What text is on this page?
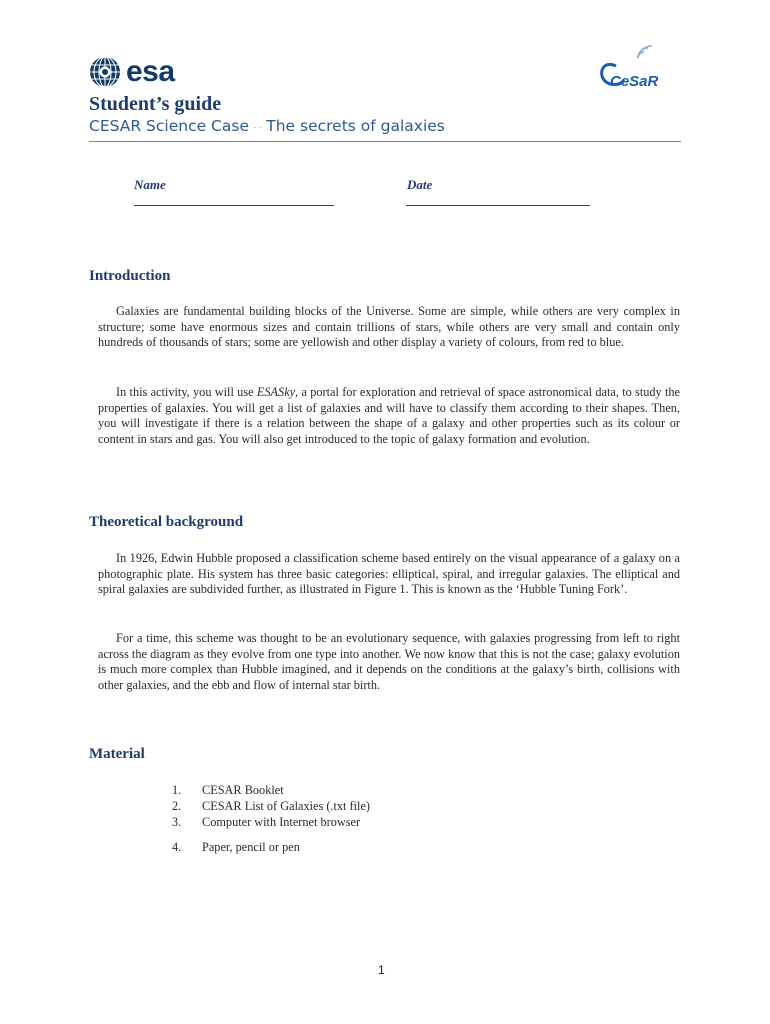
esa	CeSaR
Student’s guide
CESAR Science Case – – The secrets of galaxies
Name	Date
Introduction

Galaxies are fundamental building blocks of the Universe. Some are simple, while others are very complex in structure; some have enormous sizes and contain trillions of stars, while others are very small and contain only hundreds of thousands of stars; some are yellowish and other display a variety of colours, from red to blue.

In this activity, you will use ESASky, a portal for exploration and retrieval of space astronomical data, to study the properties of galaxies. You will get a list of galaxies and will have to classify them according to their shapes. Then, you will investigate if there is a relation between the shape of a galaxy and other properties such as its colour or content in stars and gas. You will also get introduced to the topic of galaxy formation and evolution.

Theoretical background

In 1926, Edwin Hubble proposed a classification scheme based entirely on the visual appearance of a galaxy on a photographic plate. His system has three basic categories: elliptical, spiral, and irregular galaxies. The elliptical and spiral galaxies are subdivided further, as illustrated in Figure 1. This is known as the ‘Hubble Tuning Fork’.

For a time, this scheme was thought to be an evolutionary sequence, with galaxies progressing from left to right across the diagram as they evolve from one type into another. We now know that this is not the case; galaxy evolution is much more complex than Hubble imagined, and it depends on the conditions at the galaxy’s birth, collisions with other galaxies, and the ebb and flow of internal star birth.

Material
1.	CESAR Booklet
2.	CESAR List of Galaxies (.txt file)
3.	Computer with Internet browser
4.	Paper, pencil or pen
1
